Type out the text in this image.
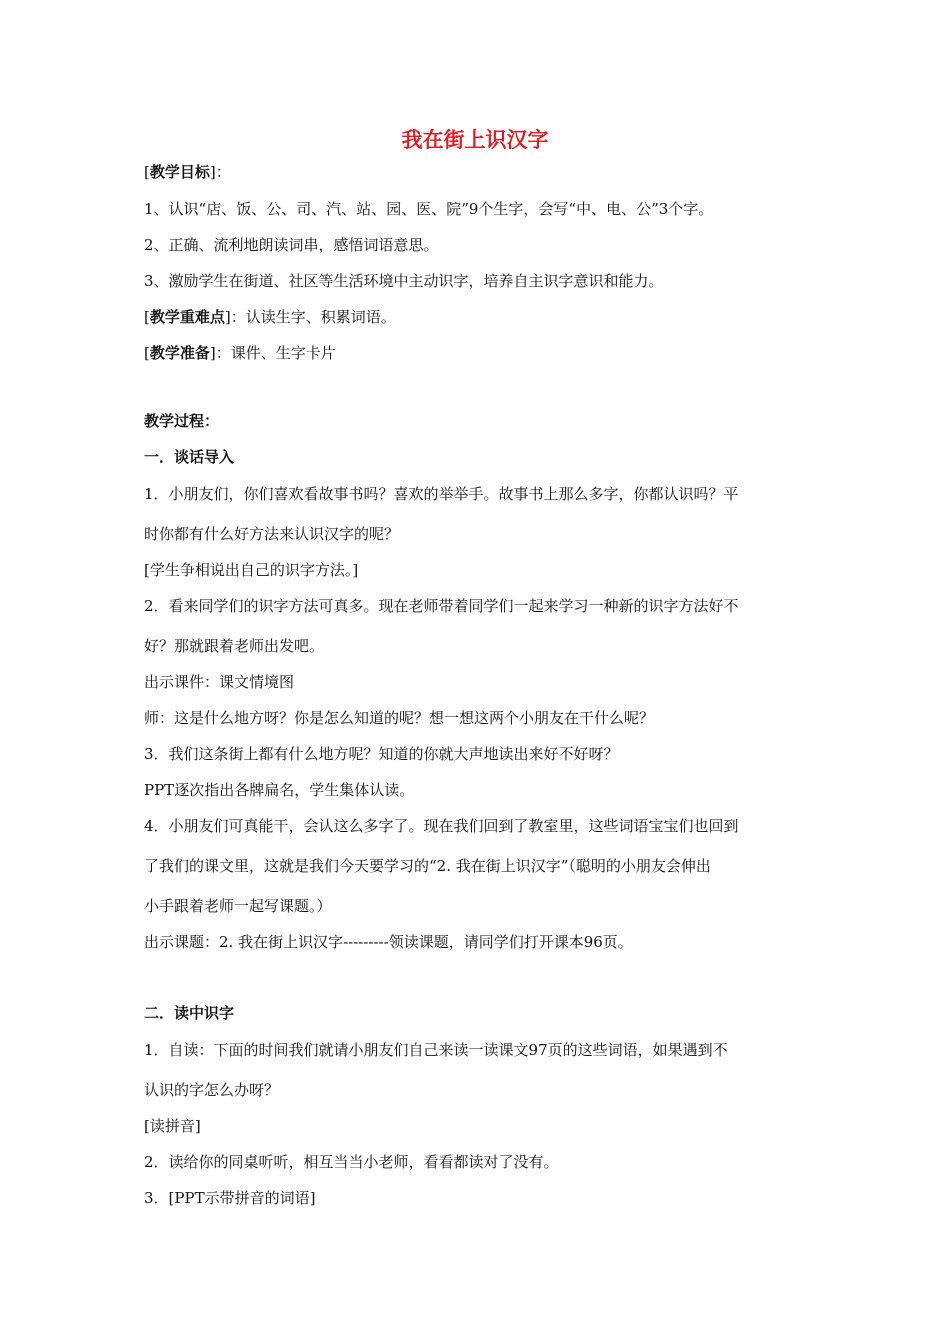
我在街上识汉字
[教学目标]：
1、认识“店、饭、公、司、汽、站、园、医、院”9个生字，会写“中、电、公”3个字。
2、正确、流利地朗读词串，感悟词语意思。
3、激励学生在街道、社区等生活环境中主动识字，培养自主识字意识和能力。
[教学重难点]：认读生字、积累词语。
[教学准备]：课件、生字卡片
教学过程：
一．谈话导入
1．小朋友们，你们喜欢看故事书吗？喜欢的举举手。故事书上那么多字，你都认识吗？平
时你都有什么好方法来认识汉字的呢？
[学生争相说出自己的识字方法。]
2．看来同学们的识字方法可真多。现在老师带着同学们一起来学习一种新的识字方法好不
好？那就跟着老师出发吧。
出示课件：课文情境图
师：这是什么地方呀？你是怎么知道的呢？想一想这两个小朋友在干什么呢？
3．我们这条街上都有什么地方呢？知道的你就大声地读出来好不好呀？
PPT逐次指出各牌扁名，学生集体认读。
4．小朋友们可真能干，会认这么多字了。现在我们回到了教室里，这些词语宝宝们也回到
了我们的课文里，这就是我们今天要学习的“2. 我在街上识汉字”（聪明的小朋友会伸出
小手跟着老师一起写课题。）
出示课题：2. 我在街上识汉字---------领读课题，请同学们打开课本96页。
二．读中识字
1．自读：下面的时间我们就请小朋友们自己来读一读课文97页的这些词语，如果遇到不
认识的字怎么办呀？
[读拼音]
2．读给你的同桌听听，相互当当小老师，看看都读对了没有。
3．[PPT示带拼音的词语]
